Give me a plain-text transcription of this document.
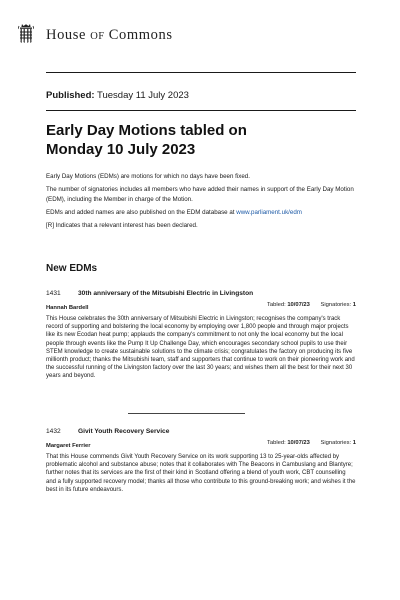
House OF Commons
Published: Tuesday 11 July 2023
Early Day Motions tabled on
Monday 10 July 2023

Early Day Motions (EDMs) are motions for which no days have been fixed.

The number of signatories includes all members who have added their names in support of the Early Day Motion (EDM), including the Member in charge of the Motion.

EDMs and added names are also published on the EDM database at www.parliament.uk/edm

[R] Indicates that a relevant interest has been declared.

New EDMs
1431	30th anniversary of the Mitsubishi Electric in Livingston
Hannah Bardell	Tabled: 10/07/23 Signatories: 1
This House celebrates the 30th anniversary of Mitsubishi Electric in Livingston; recognises the company's track record of supporting and bolstering the local economy by employing over 1,800 people and through major projects like its new Ecodan heat pump; applauds the company's commitment to not only the local economy but the local people through events like the Pump It Up Challenge Day, which encourages secondary school pupils to use their STEM knowledge to create sustainable solutions to the climate crisis; congratulates the factory on producing its five millionth product; thanks the Mitsubishi team, staff and supporters that continue to work on their pioneering work and the successful running of the Livingston factory over the last 30 years; and wishes them all the best for their next 30 years and beyond.
1432	Givit Youth Recovery Service
Margaret Ferrier	Tabled: 10/07/23 Signatories: 1
That this House commends Givit Youth Recovery Service on its work supporting 13 to 25-year-olds affected by problematic alcohol and substance abuse; notes that it collaborates with The Beacons in Cambuslang and Blantyre; further notes that its services are the first of their kind in Scotland offering a blend of youth work, CBT counselling and a fully supported recovery model; thanks all those who contribute to this ground-breaking work; and wishes it the best in its future endeavours.
